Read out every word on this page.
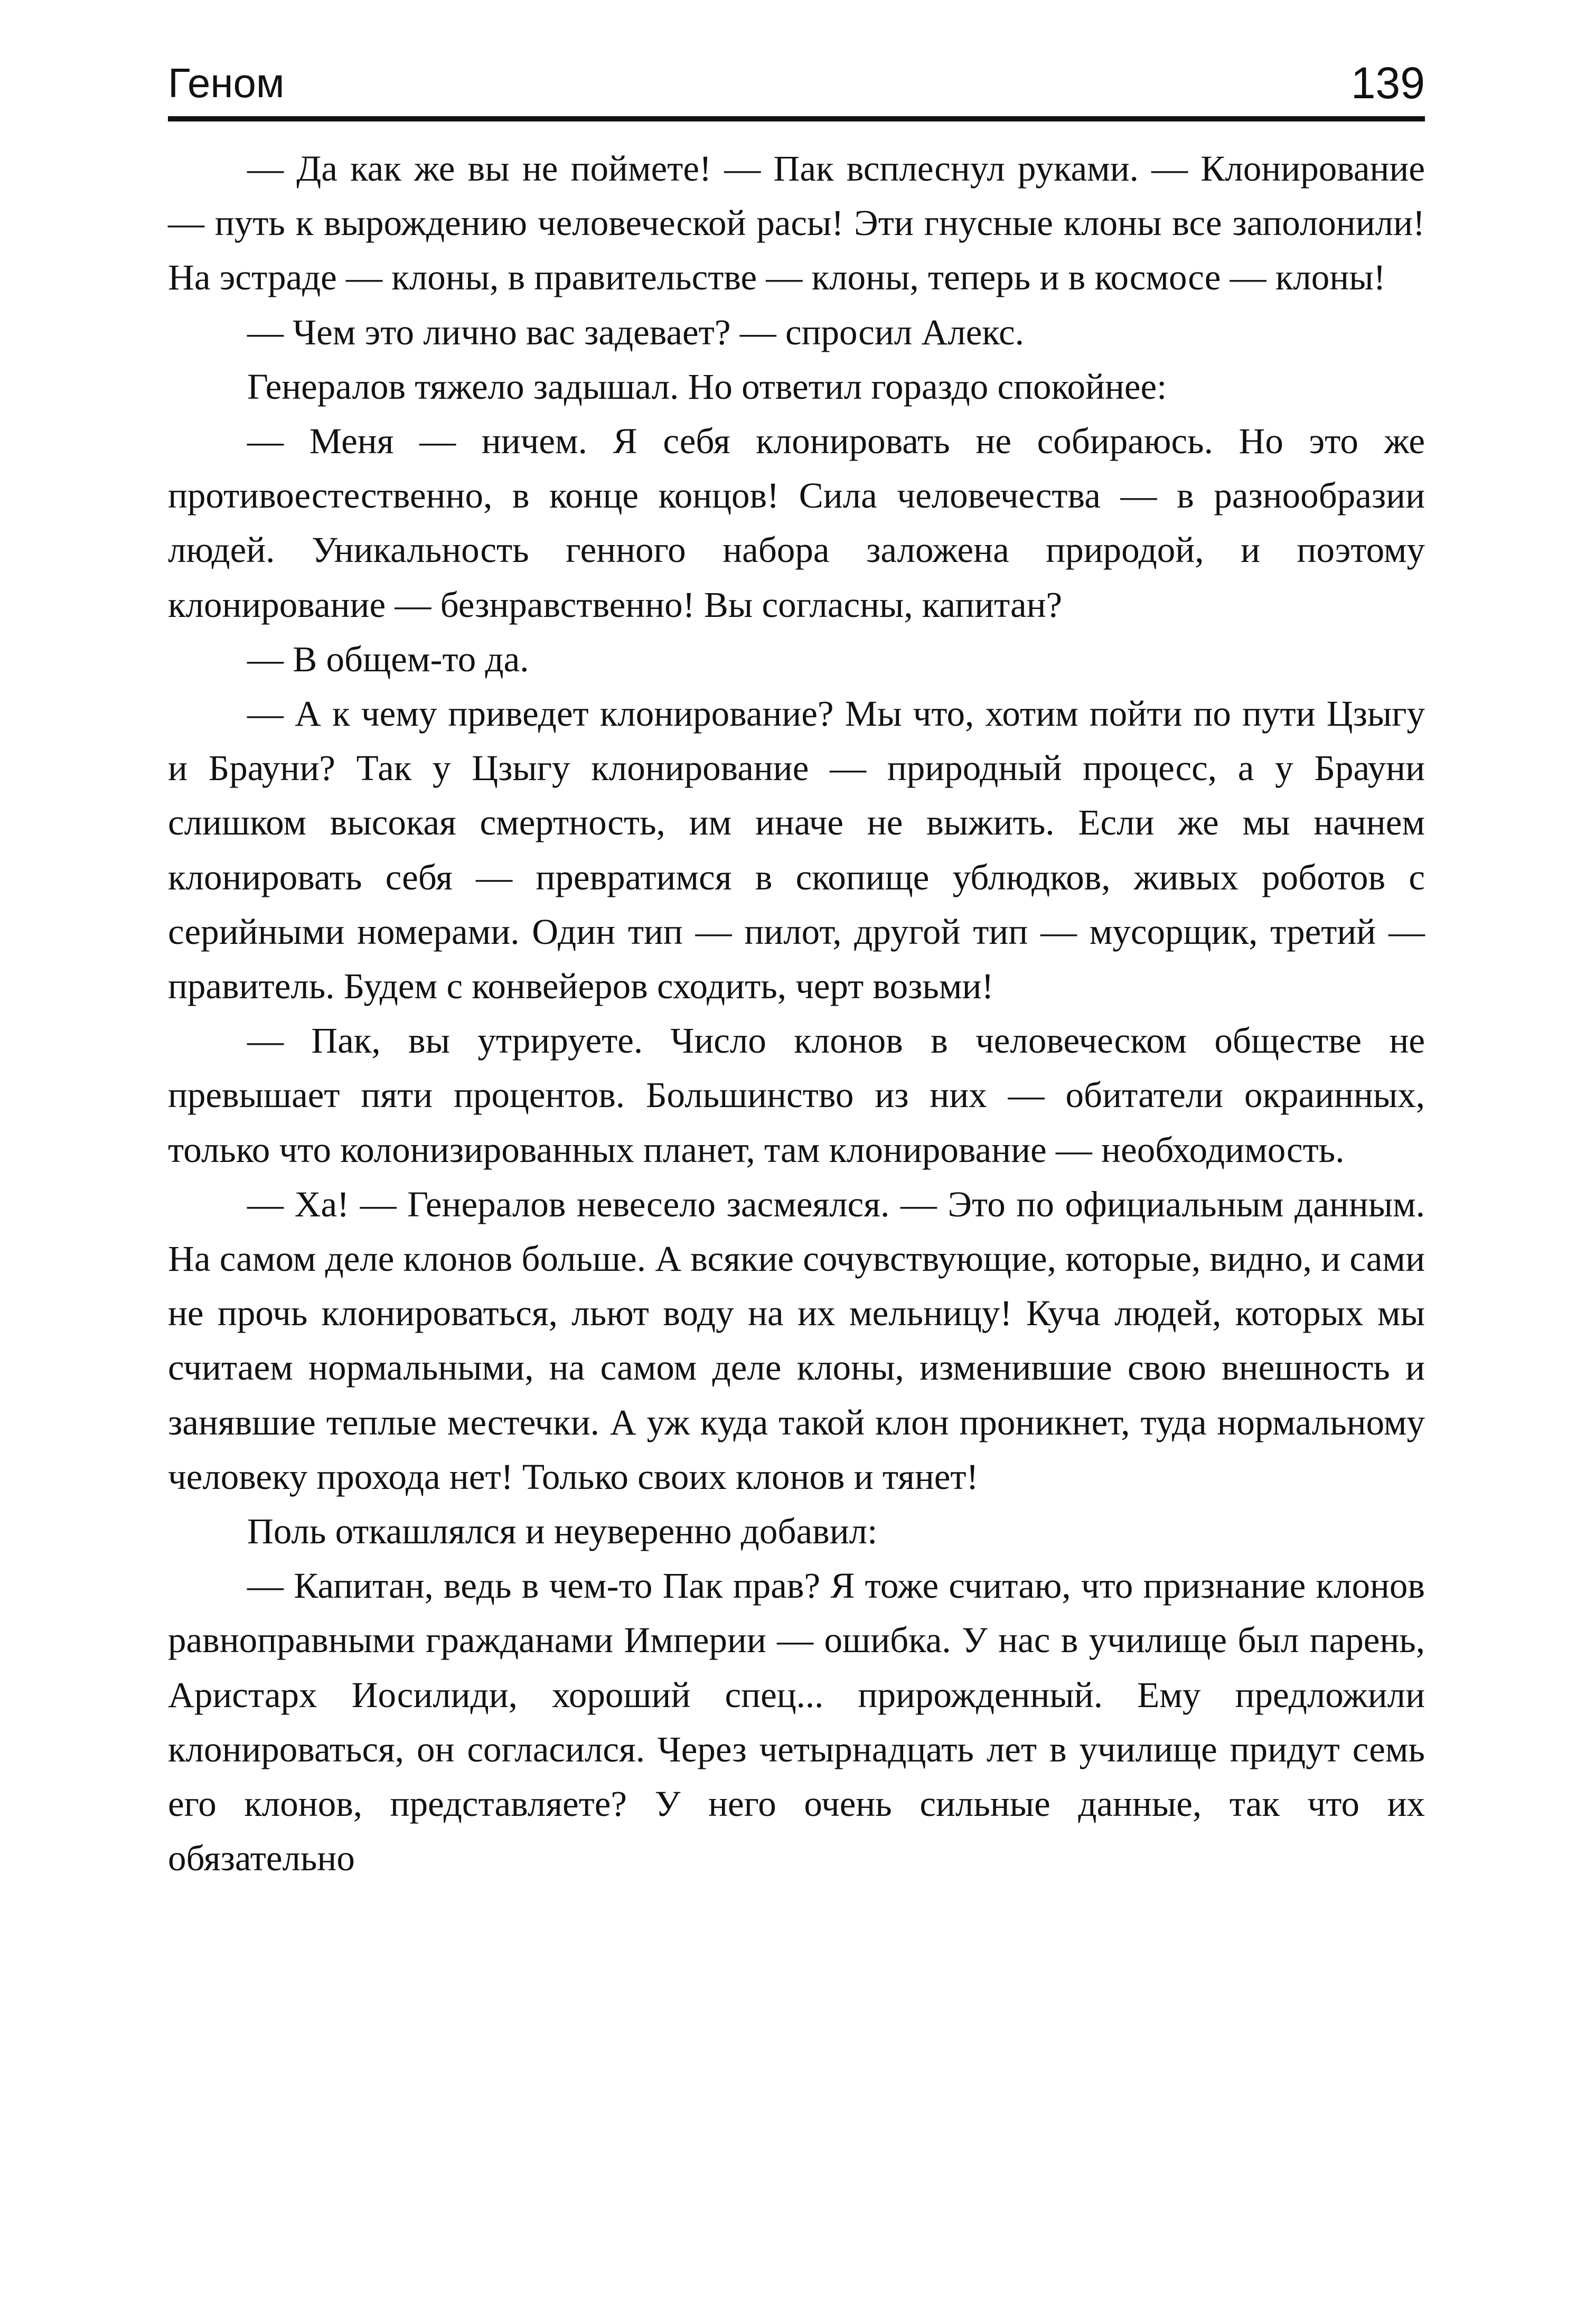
Геном	139

— Да как же вы не поймете! — Пак всплеснул руками. — Клонирование — путь к вырождению человеческой расы! Эти гнусные клоны все заполонили! На эстраде — клоны, в правительстве — клоны, теперь и в космосе — клоны!

— Чем это лично вас задевает? — спросил Алекс.

Генералов тяжело задышал. Но ответил гораздо спокойнее:

— Меня — ничем. Я себя клонировать не собираюсь. Но это же противоестественно, в конце концов! Сила человечества — в разнообразии людей. Уникальность генного набора заложена природой, и поэтому клонирование — безнравственно! Вы согласны, капитан?

— В общем-то да.

— А к чему приведет клонирование? Мы что, хотим пойти по пути Цзыгу и Брауни? Так у Цзыгу клонирование — природный процесс, а у Брауни слишком высокая смертность, им иначе не выжить. Если же мы начнем клонировать себя — превратимся в скопище ублюдков, живых роботов с серийными номерами. Один тип — пилот, другой тип — мусорщик, третий — правитель. Будем с конвейеров сходить, черт возьми!

— Пак, вы утрируете. Число клонов в человеческом обществе не превышает пяти процентов. Большинство из них — обитатели окраинных, только что колонизированных планет, там клонирование — необходимость.

— Ха! — Генералов невесело засмеялся. — Это по официальным данным. На самом деле клонов больше. А всякие сочувствующие, которые, видно, и сами не прочь клонироваться, льют воду на их мельницу! Куча людей, которых мы считаем нормальными, на самом деле клоны, изменившие свою внешность и занявшие теплые местечки. А уж куда такой клон проникнет, туда нормальному человеку прохода нет! Только своих клонов и тянет!

Поль откашлялся и неуверенно добавил:

— Капитан, ведь в чем-то Пак прав? Я тоже считаю, что признание клонов равноправными гражданами Империи — ошибка. У нас в училище был парень, Аристарх Иосилиди, хороший спец... прирожденный. Ему предложили клонироваться, он согласился. Через четырнадцать лет в училище придут семь его клонов, представляете? У него очень сильные данные, так что их обязательно
